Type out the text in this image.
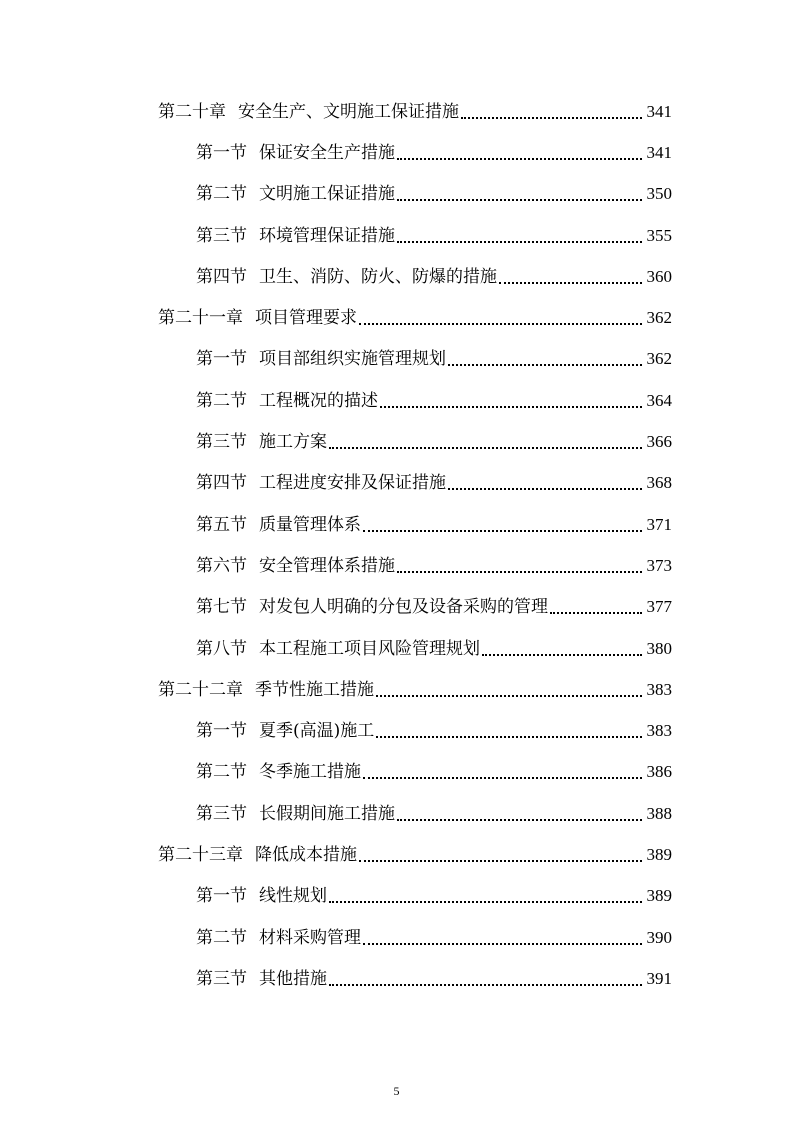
第二十章 安全生产、文明施工保证措施	341
第一节 保证安全生产措施	341
第二节 文明施工保证措施	350
第三节 环境管理保证措施	355
第四节 卫生、消防、防火、防爆的措施	360
第二十一章 项目管理要求	362
第一节 项目部组织实施管理规划	362
第二节 工程概况的描述	364
第三节 施工方案	366
第四节 工程进度安排及保证措施	368
第五节 质量管理体系	371
第六节 安全管理体系措施	373
第七节 对发包人明确的分包及设备采购的管理	377
第八节 本工程施工项目风险管理规划	380
第二十二章 季节性施工措施	383
第一节 夏季(高温)施工	383
第二节 冬季施工措施	386
第三节 长假期间施工措施	388
第二十三章 降低成本措施	389
第一节 线性规划	389
第二节 材料采购管理	390
第三节 其他措施	391
5
